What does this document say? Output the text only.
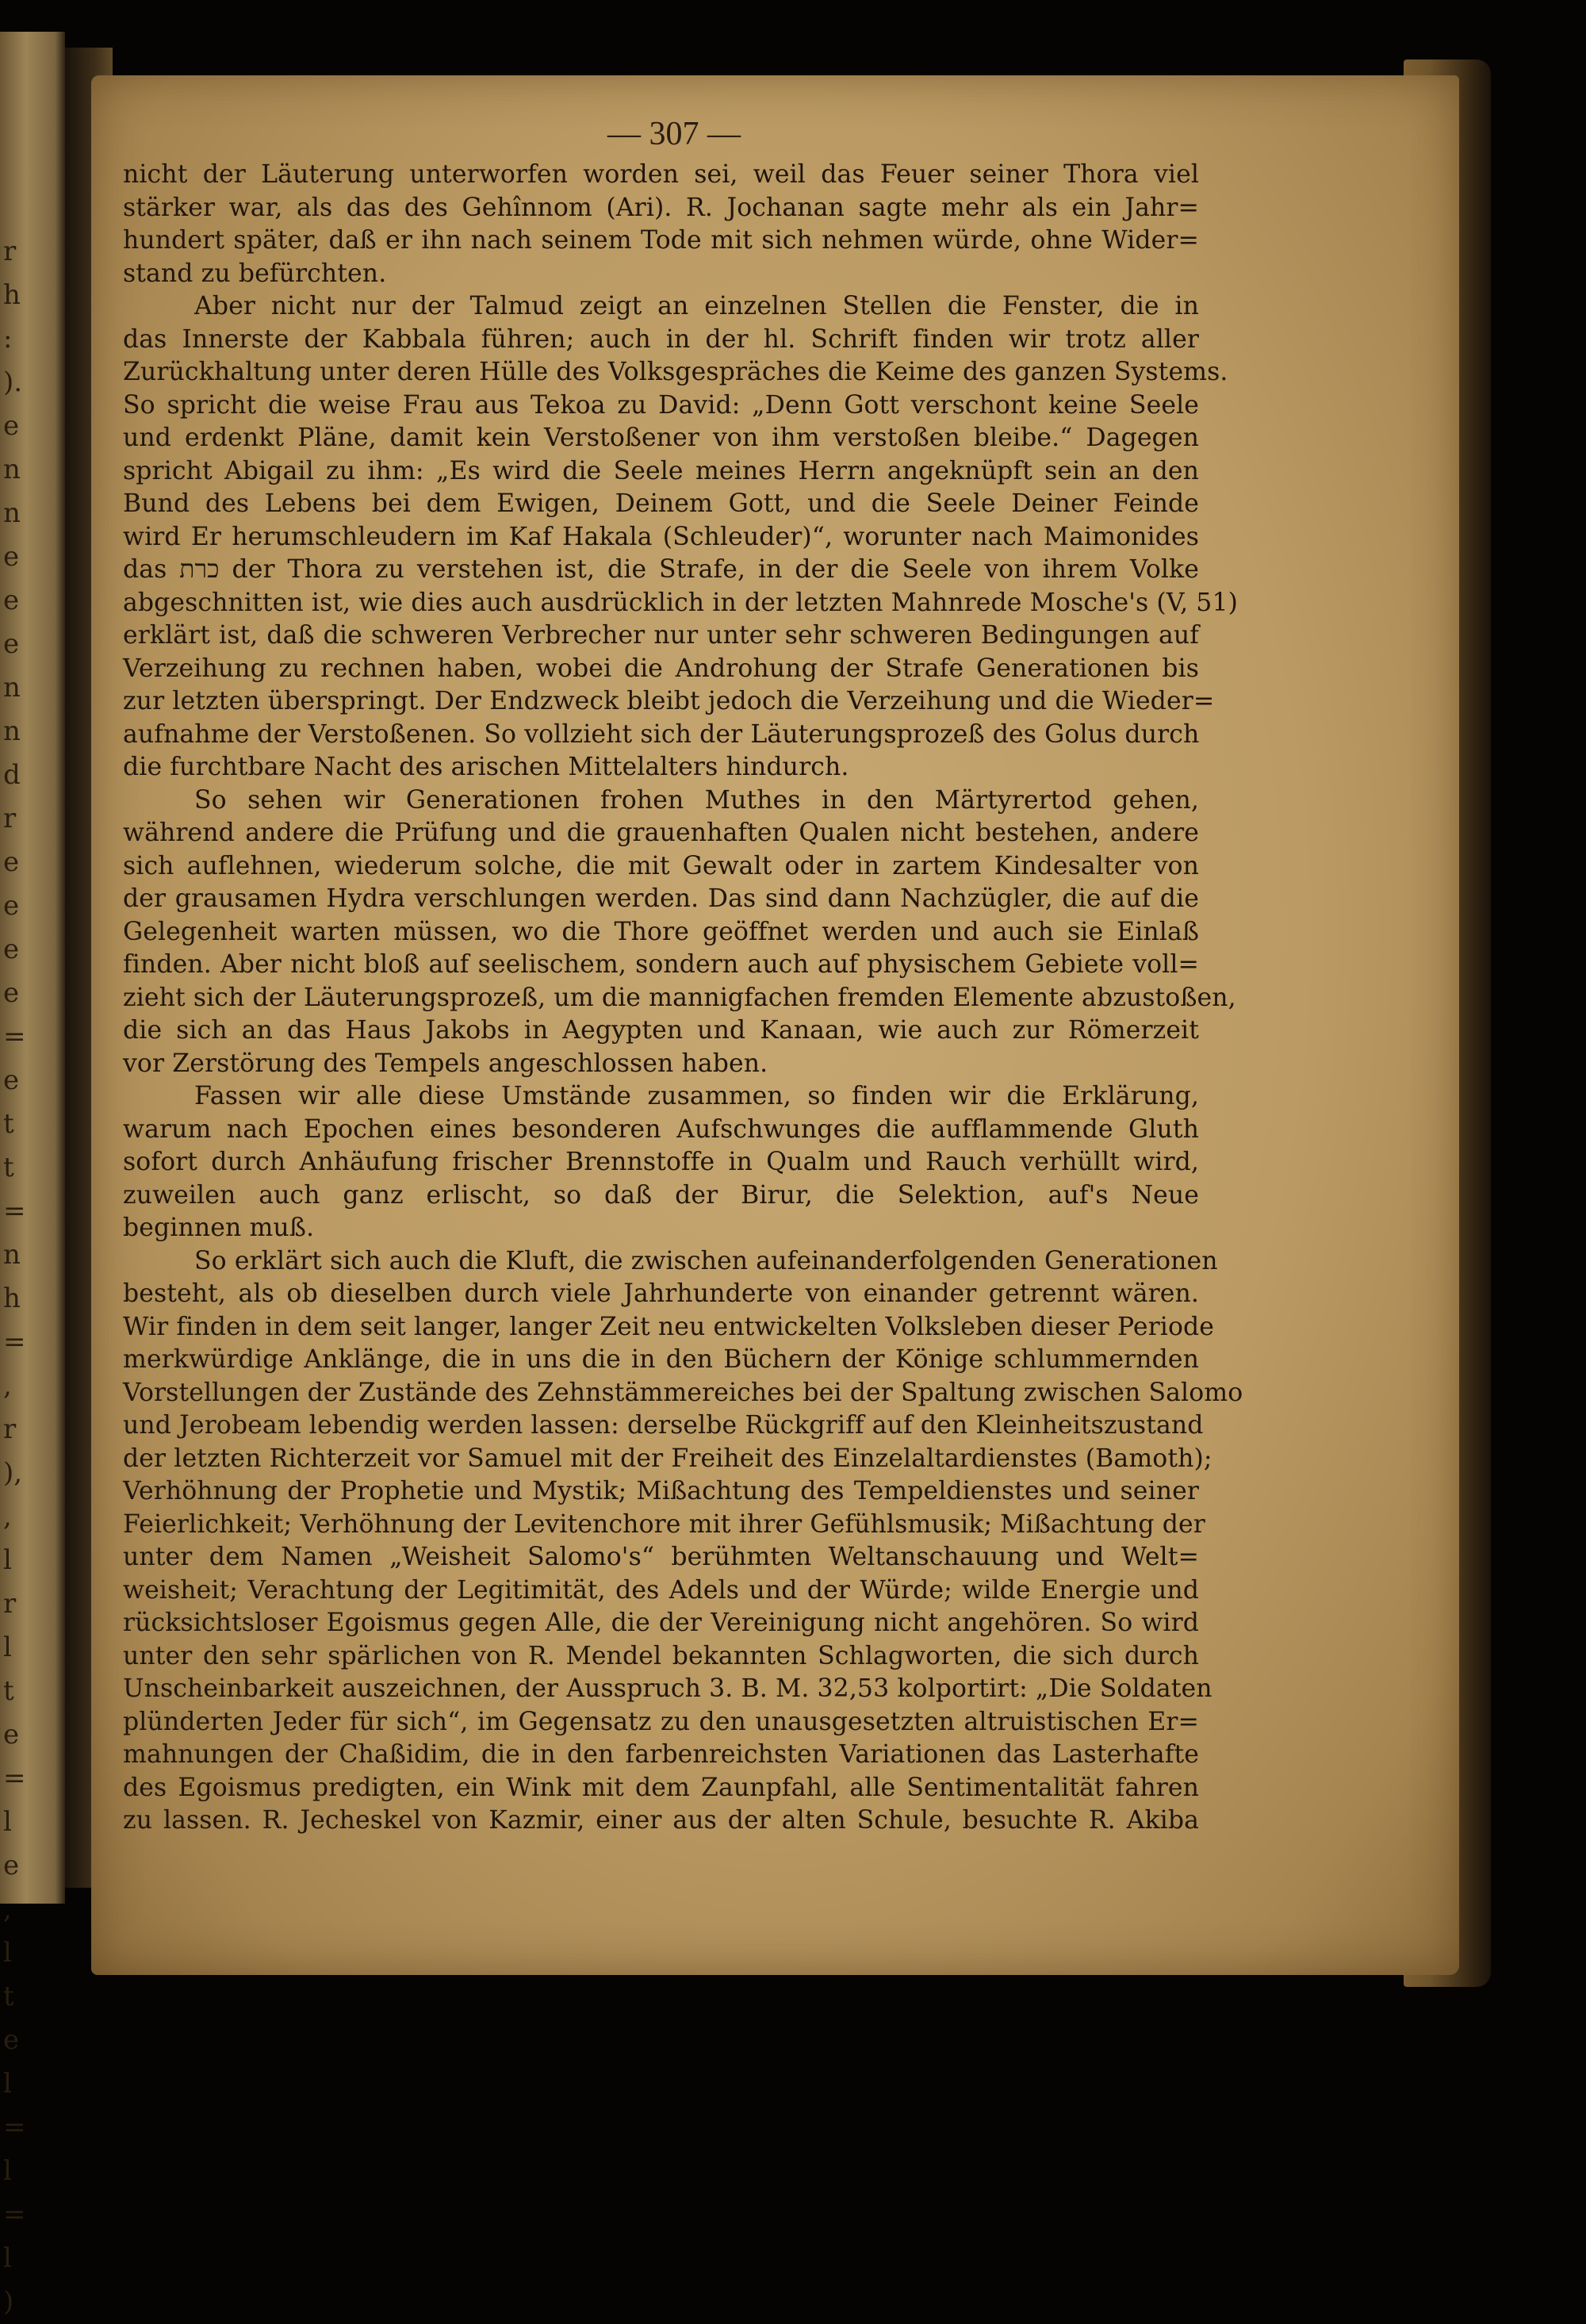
r
h
:
).
e
n
n
e
e
e
n
n
d
r
e
e
e
e
=
e
t
t
=
n
h
=
,
r
),
,
l
r
l
t
e
=
l
e
,
l
t
e
l
=
l
=
l
)
— 307 —
nicht der Läuterung unterworfen worden sei, weil das Feuer seiner Thora viel
stärker war, als das des Gehînnom (Ari). R. Jochanan sagte mehr als ein Jahr=
hundert später, daß er ihn nach seinem Tode mit sich nehmen würde, ohne Wider=
stand zu befürchten.
Aber nicht nur der Talmud zeigt an einzelnen Stellen die Fenster, die in
das Innerste der Kabbala führen; auch in der hl. Schrift finden wir trotz aller
Zurückhaltung unter deren Hülle des Volksgespräches die Keime des ganzen Systems.
So spricht die weise Frau aus Tekoa zu David: „Denn Gott verschont keine Seele
und erdenkt Pläne, damit kein Verstoßener von ihm verstoßen bleibe.“ Dagegen
spricht Abigail zu ihm: „Es wird die Seele meines Herrn angeknüpft sein an den
Bund des Lebens bei dem Ewigen, Deinem Gott, und die Seele Deiner Feinde
wird Er herumschleudern im Kaf Hakala (Schleuder)“, worunter nach Maimonides
das כרת der Thora zu verstehen ist, die Strafe, in der die Seele von ihrem Volke
abgeschnitten ist, wie dies auch ausdrücklich in der letzten Mahnrede Mosche's (V, 51)
erklärt ist, daß die schweren Verbrecher nur unter sehr schweren Bedingungen auf
Verzeihung zu rechnen haben, wobei die Androhung der Strafe Generationen bis
zur letzten überspringt. Der Endzweck bleibt jedoch die Verzeihung und die Wieder=
aufnahme der Verstoßenen. So vollzieht sich der Läuterungsprozeß des Golus durch
die furchtbare Nacht des arischen Mittelalters hindurch.
So sehen wir Generationen frohen Muthes in den Märtyrertod gehen,
während andere die Prüfung und die grauenhaften Qualen nicht bestehen, andere
sich auflehnen, wiederum solche, die mit Gewalt oder in zartem Kindesalter von
der grausamen Hydra verschlungen werden. Das sind dann Nachzügler, die auf die
Gelegenheit warten müssen, wo die Thore geöffnet werden und auch sie Einlaß
finden. Aber nicht bloß auf seelischem, sondern auch auf physischem Gebiete voll=
zieht sich der Läuterungsprozeß, um die mannigfachen fremden Elemente abzustoßen,
die sich an das Haus Jakobs in Aegypten und Kanaan, wie auch zur Römerzeit
vor Zerstörung des Tempels angeschlossen haben.
Fassen wir alle diese Umstände zusammen, so finden wir die Erklärung,
warum nach Epochen eines besonderen Aufschwunges die aufflammende Gluth
sofort durch Anhäufung frischer Brennstoffe in Qualm und Rauch verhüllt wird,
zuweilen auch ganz erlischt, so daß der Birur, die Selektion, auf's Neue
beginnen muß.
So erklärt sich auch die Kluft, die zwischen aufeinanderfolgenden Generationen
besteht, als ob dieselben durch viele Jahrhunderte von einander getrennt wären.
Wir finden in dem seit langer, langer Zeit neu entwickelten Volksleben dieser Periode
merkwürdige Anklänge, die in uns die in den Büchern der Könige schlummernden
Vorstellungen der Zustände des Zehnstämmereiches bei der Spaltung zwischen Salomo
und Jerobeam lebendig werden lassen: derselbe Rückgriff auf den Kleinheitszustand
der letzten Richterzeit vor Samuel mit der Freiheit des Einzelaltardienstes (Bamoth);
Verhöhnung der Prophetie und Mystik; Mißachtung des Tempeldienstes und seiner
Feierlichkeit; Verhöhnung der Levitenchore mit ihrer Gefühlsmusik; Mißachtung der
unter dem Namen „Weisheit Salomo's“ berühmten Weltanschauung und Welt=
weisheit; Verachtung der Legitimität, des Adels und der Würde; wilde Energie und
rücksichtsloser Egoismus gegen Alle, die der Vereinigung nicht angehören. So wird
unter den sehr spärlichen von R. Mendel bekannten Schlagworten, die sich durch
Unscheinbarkeit auszeichnen, der Ausspruch 3. B. M. 32,53 kolportirt: „Die Soldaten
plünderten Jeder für sich“, im Gegensatz zu den unausgesetzten altruistischen Er=
mahnungen der Chaßidim, die in den farbenreichsten Variationen das Lasterhafte
des Egoismus predigten, ein Wink mit dem Zaunpfahl, alle Sentimentalität fahren
zu lassen. R. Jecheskel von Kazmir, einer aus der alten Schule, besuchte R. Akiba
